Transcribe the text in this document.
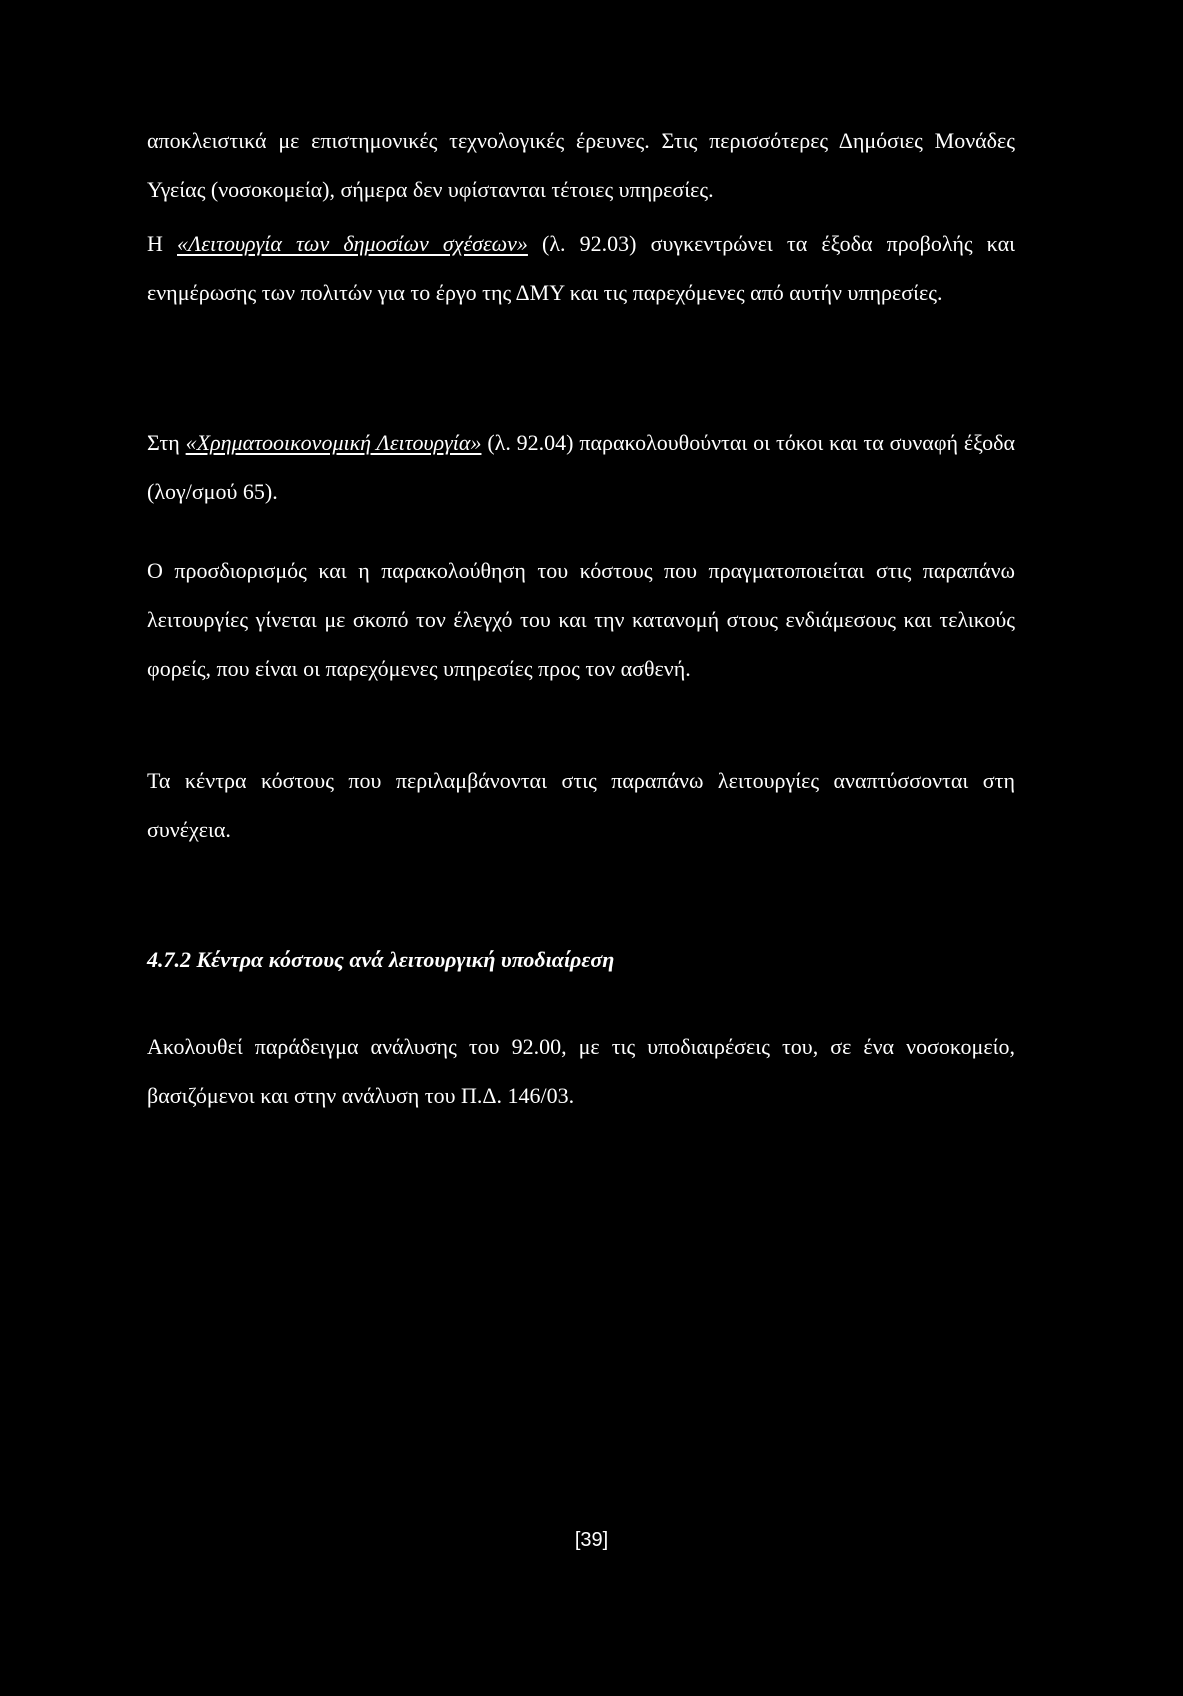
αποκλειστικά με επιστημονικές τεχνολογικές έρευνες. Στις περισσότερες Δημόσιες Μονάδες Υγείας (νοσοκομεία), σήμερα δεν υφίστανται τέτοιες υπηρεσίες.

Η «Λειτουργία των δημοσίων σχέσεων» (λ. 92.03) συγκεντρώνει τα έξοδα προβολής και ενημέρωσης των πολιτών για το έργο της ΔΜΥ και τις παρεχόμενες από αυτήν υπηρεσίες.

Στη «Χρηματοοικονομική Λειτουργία» (λ. 92.04) παρακολουθούνται οι τόκοι και τα συναφή έξοδα (λογ/σμού 65).

Ο προσδιορισμός και η παρακολούθηση του κόστους που πραγματοποιείται στις παραπάνω λειτουργίες γίνεται με σκοπό τον έλεγχό του και την κατανομή στους ενδιάμεσους και τελικούς φορείς, που είναι οι παρεχόμενες υπηρεσίες προς τον ασθενή.

Τα κέντρα κόστους που περιλαμβάνονται στις παραπάνω λειτουργίες αναπτύσσονται στη συνέχεια.

4.7.2 Κέντρα κόστους ανά λειτουργική υποδιαίρεση

Ακολουθεί παράδειγμα ανάλυσης του 92.00, με τις υποδιαιρέσεις του, σε ένα νοσοκομείο, βασιζόμενοι και στην ανάλυση του Π.Δ. 146/03.

[39]
